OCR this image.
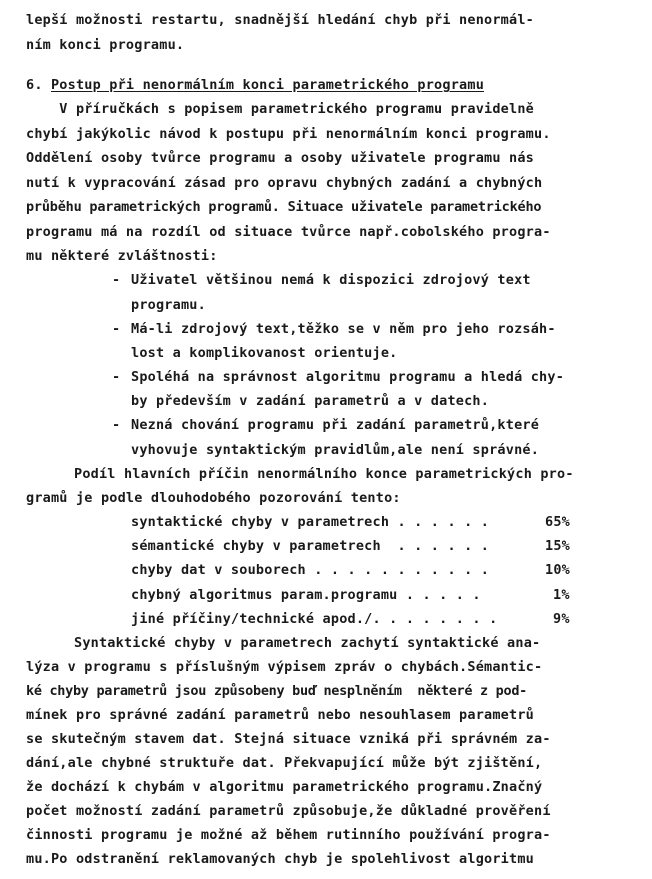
lepší možnosti restartu, snadnější hledání chyb při nenormál-
ním konci programu.
6. Postup při nenormálním konci parametrického programu
V příručkách s popisem parametrického programu pravidelně
chybí jakýkolic návod k postupu při nenormálním konci programu.
Oddělení osoby tvůrce programu a osoby uživatele programu nás
nutí k vypracování zásad pro opravu chybných zadání a chybných
průběhu parametrických programů. Situace uživatele parametrického
programu má na rozdíl od situace tvůrce např.cobolského progra-
mu některé zvláštnosti:
- Uživatel většinou nemá k dispozici zdrojový text
programu.
- Má-li zdrojový text,těžko se v něm pro jeho rozsáh-
lost a komplikovanost orientuje.
- Spoléhá na správnost algoritmu programu a hledá chy-
by především v zadání parametrů a v datech.
- Nezná chování programu při zadání parametrů,které
vyhovuje syntaktickým pravidlům,ale není správné.
Podíl hlavních příčin nenormálního konce parametrických pro-
gramů je podle dlouhodobého pozorování tento:
syntaktické chyby v parametrech . . . . . .	65%
sémantické chyby v parametrech  . . . . . .	15%
chyby dat v souborech . . . . . . . . . . .	10%
chybný algoritmus param.programu . . . . .	1%
jiné příčiny/technické apod./. . . . . . . .	9%
Syntaktické chyby v parametrech zachytí syntaktické ana-
lýza v programu s příslušným výpisem zpráv o chybách.Sémantic-
ké chyby parametrů jsou způsobeny buď nesplněním  některé z pod-
mínek pro správné zadání parametrů nebo nesouhlasem parametrů
se skutečným stavem dat. Stejná situace vzniká při správném za-
dání,ale chybné struktuře dat. Překvapující může být zjištění,
že dochází k chybám v algoritmu parametrického programu.Značný
počet možností zadání parametrů způsobuje,že důkladné prověření
činnosti programu je možné až během rutinního používání progra-
mu.Po odstranění reklamovaných chyb je spolehlivost algoritmu
